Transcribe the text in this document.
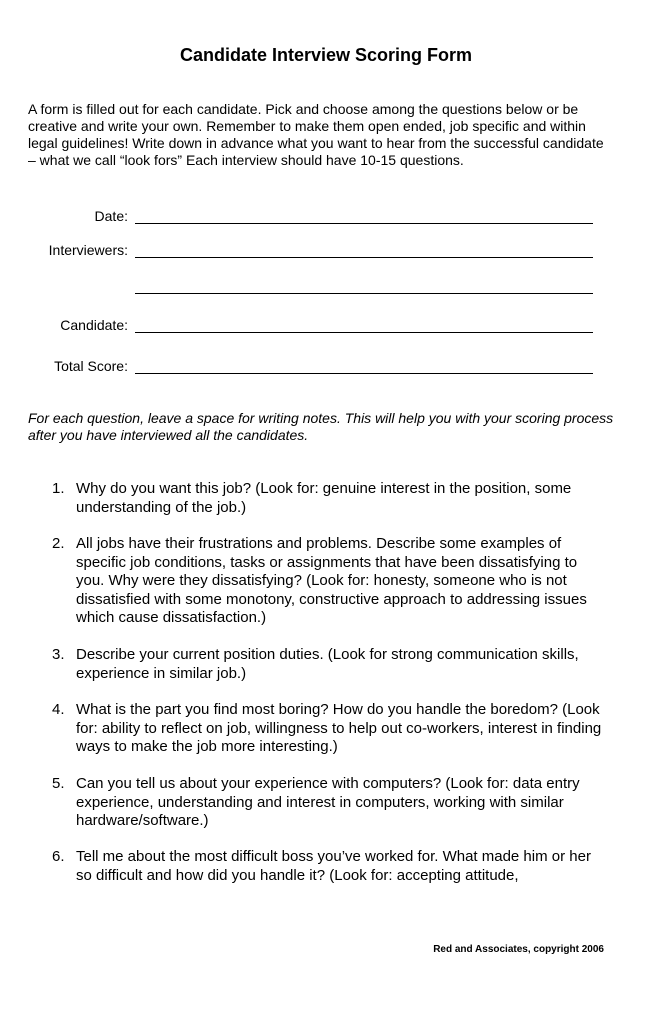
Candidate Interview Scoring Form

A form is filled out for each candidate. Pick and choose among the questions below or be creative and write your own. Remember to make them open ended, job specific and within legal guidelines! Write down in advance what you want to hear from the successful candidate – what we call “look fors” Each interview should have 10-15 questions.

Date:
Interviewers:
Candidate:
Total Score:

For each question, leave a space for writing notes. This will help you with your scoring process after you have interviewed all the candidates.

1. Why do you want this job? (Look for: genuine interest in the position, some understanding of the job.)
2. All jobs have their frustrations and problems. Describe some examples of specific job conditions, tasks or assignments that have been dissatisfying to you. Why were they dissatisfying? (Look for: honesty, someone who is not dissatisfied with some monotony, constructive approach to addressing issues which cause dissatisfaction.)
3. Describe your current position duties. (Look for strong communication skills, experience in similar job.)
4. What is the part you find most boring? How do you handle the boredom? (Look for: ability to reflect on job, willingness to help out co-workers, interest in finding ways to make the job more interesting.)
5. Can you tell us about your experience with computers? (Look for: data entry experience, understanding and interest in computers, working with similar hardware/software.)
6. Tell me about the most difficult boss you’ve worked for. What made him or her so difficult and how did you handle it? (Look for: accepting attitude,
Red and Associates, copyright 2006
